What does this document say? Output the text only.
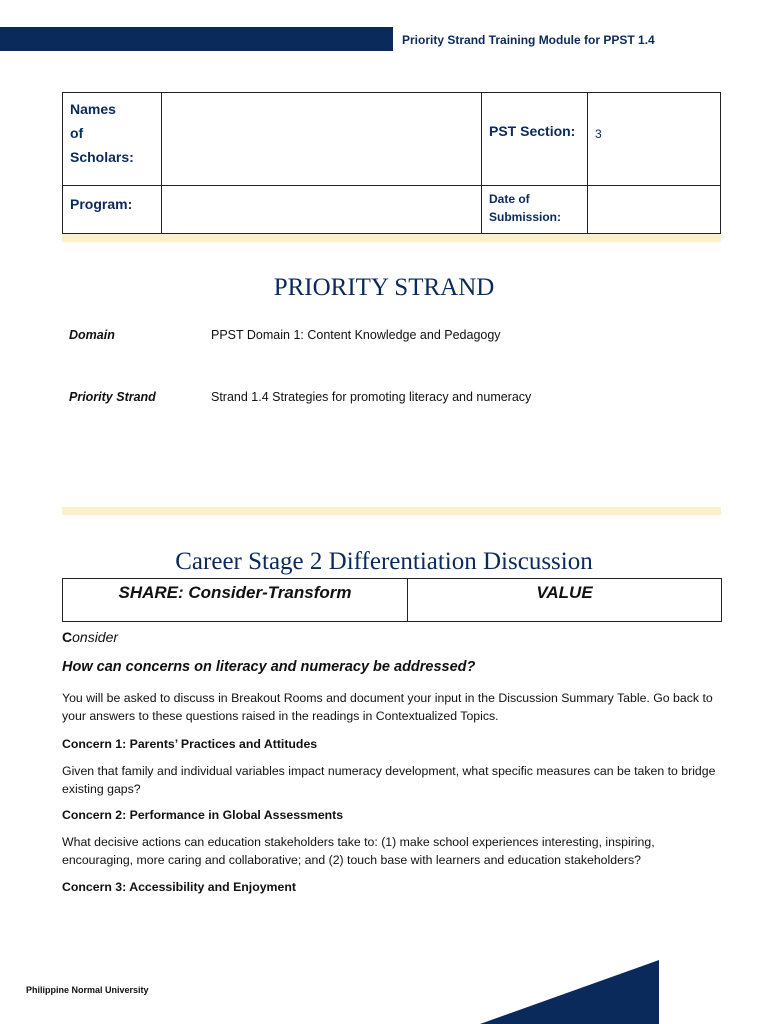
Priority Strand Training Module for PPST 1.4
Names
of
Scholars:		PST Section:	3
Program:		Date of
Submission:	

PRIORITY STRAND
Domain	PPST Domain 1: Content Knowledge and Pedagogy
Priority Strand	Strand 1.4 Strategies for promoting literacy and numeracy
Career Stage 2 Differentiation Discussion
SHARE: Consider-Transform	VALUE
Consider
How can concerns on literacy and numeracy be addressed?
You will be asked to discuss in Breakout Rooms and document your input in the Discussion Summary Table. Go back to your answers to these questions raised in the readings in Contextualized Topics.
Concern 1: Parents’ Practices and Attitudes
Given that family and individual variables impact numeracy development, what specific measures can be taken to bridge existing gaps?
Concern 2: Performance in Global Assessments
What decisive actions can education stakeholders take to: (1) make school experiences interesting, inspiring, encouraging, more caring and collaborative; and (2) touch base with learners and education stakeholders?
Concern 3: Accessibility and Enjoyment
Philippine Normal University
